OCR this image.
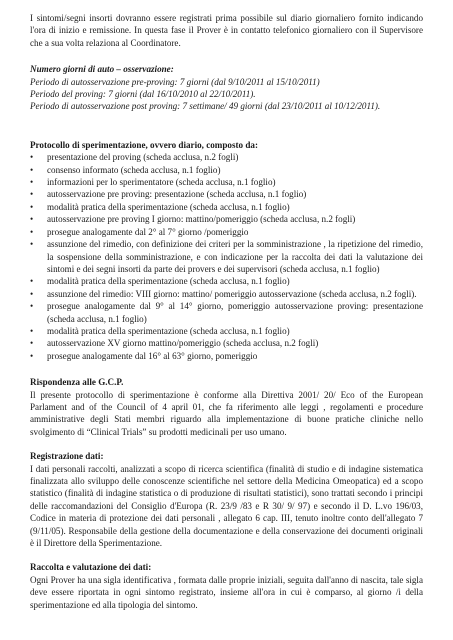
I sintomi/segni insorti dovranno essere registrati prima possibile sul diario giornaliero fornito indicando l'ora di inizio e remissione. In questa fase il Prover è in contatto telefonico giornaliero con il Supervisore che a sua volta relaziona al Coordinatore.

Numero giorni di auto – osservazione:

Periodo di autosservazione pre-proving: 7 giorni (dal 9/10/2011 al 15/10/2011)

Periodo del proving: 7 giorni (dal 16/10/2010 al 22/10/2011).

Periodo di autosservazione post proving: 7 settimane/ 49 giorni (dal 23/10/2011 al 10/12/2011).

Protocollo di sperimentazione, ovvero diario, composto da:

• presentazione del proving (scheda acclusa, n.2 fogli)
• consenso informato (scheda acclusa, n.1 foglio)
• informazioni per lo sperimentatore (scheda acclusa, n.1 foglio)
• autosservazione pre proving: presentazione (scheda acclusa, n.1 foglio)
• modalità pratica della sperimentazione (scheda acclusa, n.1 foglio)
• autosservazione pre proving I giorno: mattino/pomeriggio (scheda acclusa, n.2 fogli)
• prosegue analogamente dal 2° al 7° giorno /pomeriggio
• assunzione del rimedio, con definizione dei criteri per la somministrazione , la ripetizione del rimedio, la sospensione della somministrazione, e con indicazione per la raccolta dei dati la valutazione dei sintomi e dei segni insorti da parte dei provers e dei supervisori (scheda acclusa, n.1 foglio)
• modalità pratica della sperimentazione (scheda acclusa, n.1 foglio)
• assunzione del rimedio: VIII giorno: mattino/ pomeriggio autosservazione (scheda acclusa, n.2 fogli).
• prosegue analogamente dal 9° al 14° giorno, pomeriggio autosservazione proving: presentazione (scheda acclusa, n.1 foglio)
• modalità pratica della sperimentazione (scheda acclusa, n.1 foglio)
• autosservazione XV giorno mattino/pomeriggio (scheda acclusa, n.2 fogli)
• prosegue analogamente dal 16° al 63° giorno, pomeriggio

Rispondenza alle G.C.P.

Il presente protocollo di sperimentazione è conforme alla Direttiva 2001/ 20/ Eco of the European Parlament and of the Council of 4 april 01, che fa riferimento alle leggi , regolamenti e procedure amministrative degli Stati membri riguardo alla implementazione di buone pratiche cliniche nello svolgimento di “Clinical Trials” su prodotti medicinali per uso umano.

Registrazione dati:

I dati personali raccolti, analizzati a scopo di ricerca scientifica (finalità di studio e di indagine sistematica finalizzata allo sviluppo delle conoscenze scientifiche nel settore della Medicina Omeopatica) ed a scopo statistico (finalità di indagine statistica o di produzione di risultati statistici), sono trattati secondo i principi delle raccomandazioni del Consiglio d'Europa (R. 23/9 /83 e R 30/ 9/ 97) e secondo il D. L.vo 196/03, Codice in materia di protezione dei dati personali , allegato 6 cap. III, tenuto inoltre conto dell'allegato 7 (9/11/05). Responsabile della gestione della documentazione e della conservazione dei documenti originali è il Direttore della Sperimentazione.

Raccolta e valutazione dei dati:

Ogni Prover ha una sigla identificativa , formata dalle proprie iniziali, seguita dall'anno di nascita, tale sigla deve essere riportata in ogni sintomo registrato, insieme all'ora in cui è comparso, al giorno /i della sperimentazione ed alla tipologia del sintomo.
